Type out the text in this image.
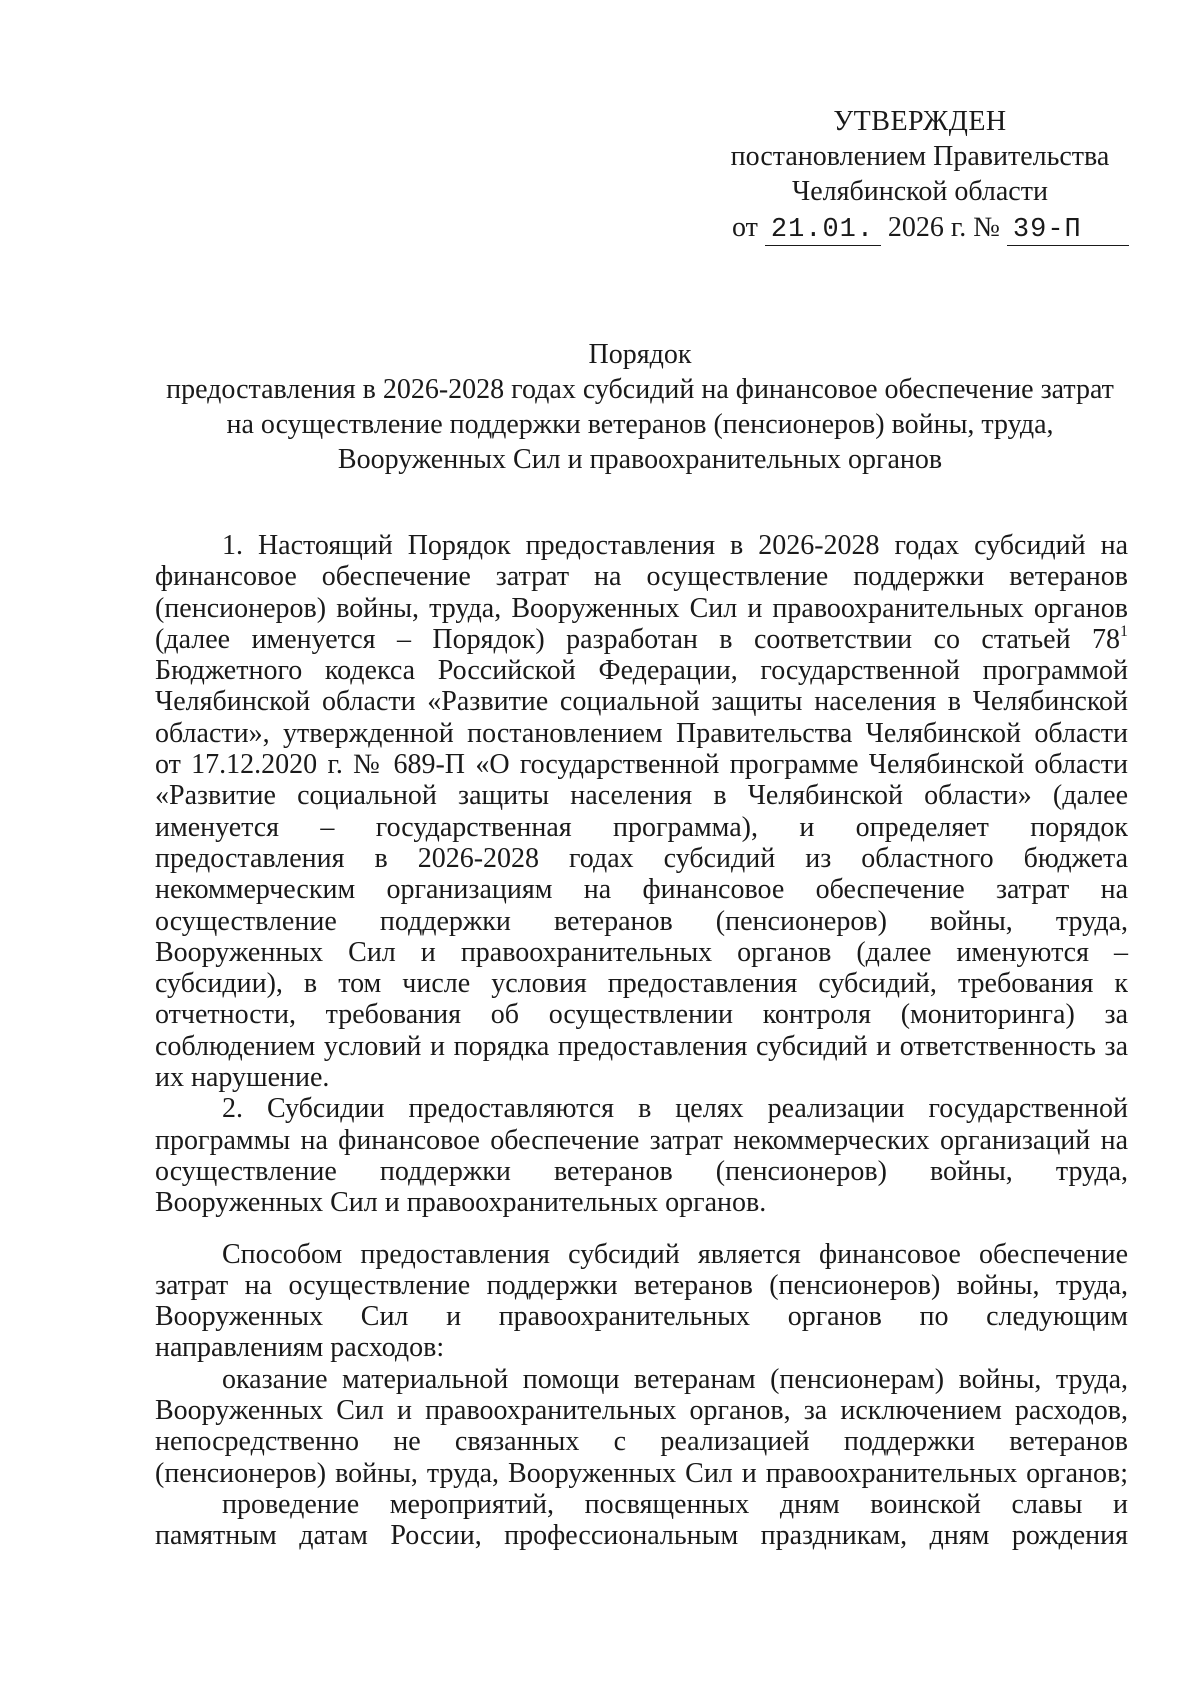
УТВЕРЖДЕН
постановлением Правительства
Челябинской области
от 21.01. 2026 г. № 39-П
Порядок
предоставления в 2026-2028 годах субсидий на финансовое обеспечение затрат
на осуществление поддержки ветеранов (пенсионеров) войны, труда,
Вооруженных Сил и правоохранительных органов
1. Настоящий Порядок предоставления в 2026-2028 годах субсидий на
финансовое обеспечение затрат на осуществление поддержки ветеранов
(пенсионеров) войны, труда, Вооруженных Сил и правоохранительных органов
(далее именуется – Порядок) разработан в соответствии со статьей 78$^1$
Бюджетного кодекса Российской Федерации, государственной программой
Челябинской области «Развитие социальной защиты населения в Челябинской
области», утвержденной постановлением Правительства Челябинской области
от 17.12.2020 г. № 689-П «О государственной программе Челябинской области
«Развитие социальной защиты населения в Челябинской области» (далее
именуется – государственная программа), и определяет порядок
предоставления в 2026-2028 годах субсидий из областного бюджета
некоммерческим организациям на финансовое обеспечение затрат на
осуществление поддержки ветеранов (пенсионеров) войны, труда,
Вооруженных Сил и правоохранительных органов (далее именуются –
субсидии), в том числе условия предоставления субсидий, требования к
отчетности, требования об осуществлении контроля (мониторинга) за
соблюдением условий и порядка предоставления субсидий и ответственность за
их нарушение.
2. Субсидии предоставляются в целях реализации государственной
программы на финансовое обеспечение затрат некоммерческих организаций на
осуществление поддержки ветеранов (пенсионеров) войны, труда,
Вооруженных Сил и правоохранительных органов.
Способом предоставления субсидий является финансовое обеспечение
затрат на осуществление поддержки ветеранов (пенсионеров) войны, труда,
Вооруженных Сил и правоохранительных органов по следующим
направлениям расходов:
оказание материальной помощи ветеранам (пенсионерам) войны, труда,
Вооруженных Сил и правоохранительных органов, за исключением расходов,
непосредственно не связанных с реализацией поддержки ветеранов
(пенсионеров) войны, труда, Вооруженных Сил и правоохранительных органов;
проведение мероприятий, посвященных дням воинской славы и
памятным датам России, профессиональным праздникам, дням рождения
